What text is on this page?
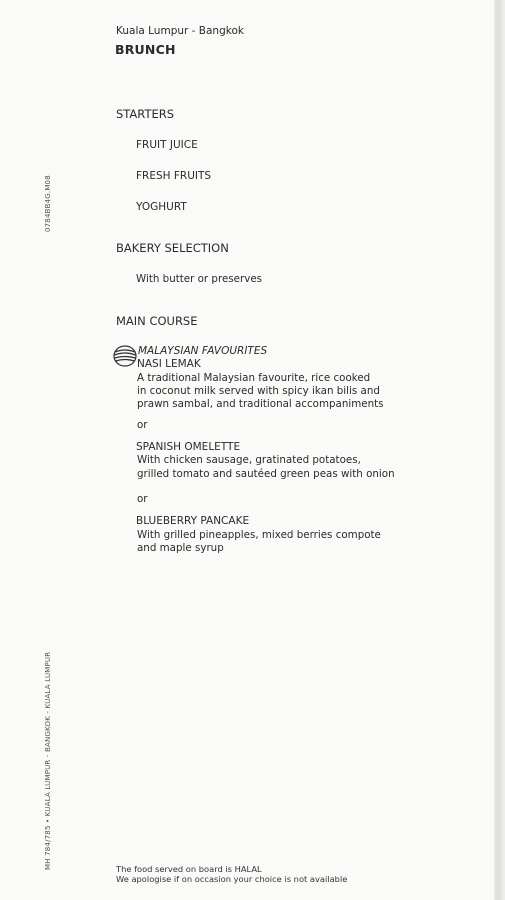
Kuala Lumpur - Bangkok
BRUNCH
STARTERS
FRUIT JUICE
FRESH FRUITS
YOGHURT
BAKERY SELECTION
With butter or preserves
MAIN COURSE
MALAYSIAN FAVOURITES
NASI LEMAK
A traditional Malaysian favourite, rice cooked
in coconut milk served with spicy ikan bilis and
prawn sambal, and traditional accompaniments
or
SPANISH OMELETTE
With chicken sausage, gratinated potatoes,
grilled tomato and sautéed green peas with onion
or
BLUEBERRY PANCAKE
With grilled pineapples, mixed berries compote
and maple syrup
0784BB4G.M08
MH 784/785 • KUALA LUMPUR - BANGKOK - KUALA LUMPUR	The food served on board is HALAL
We apologise if on occasion your choice is not available
